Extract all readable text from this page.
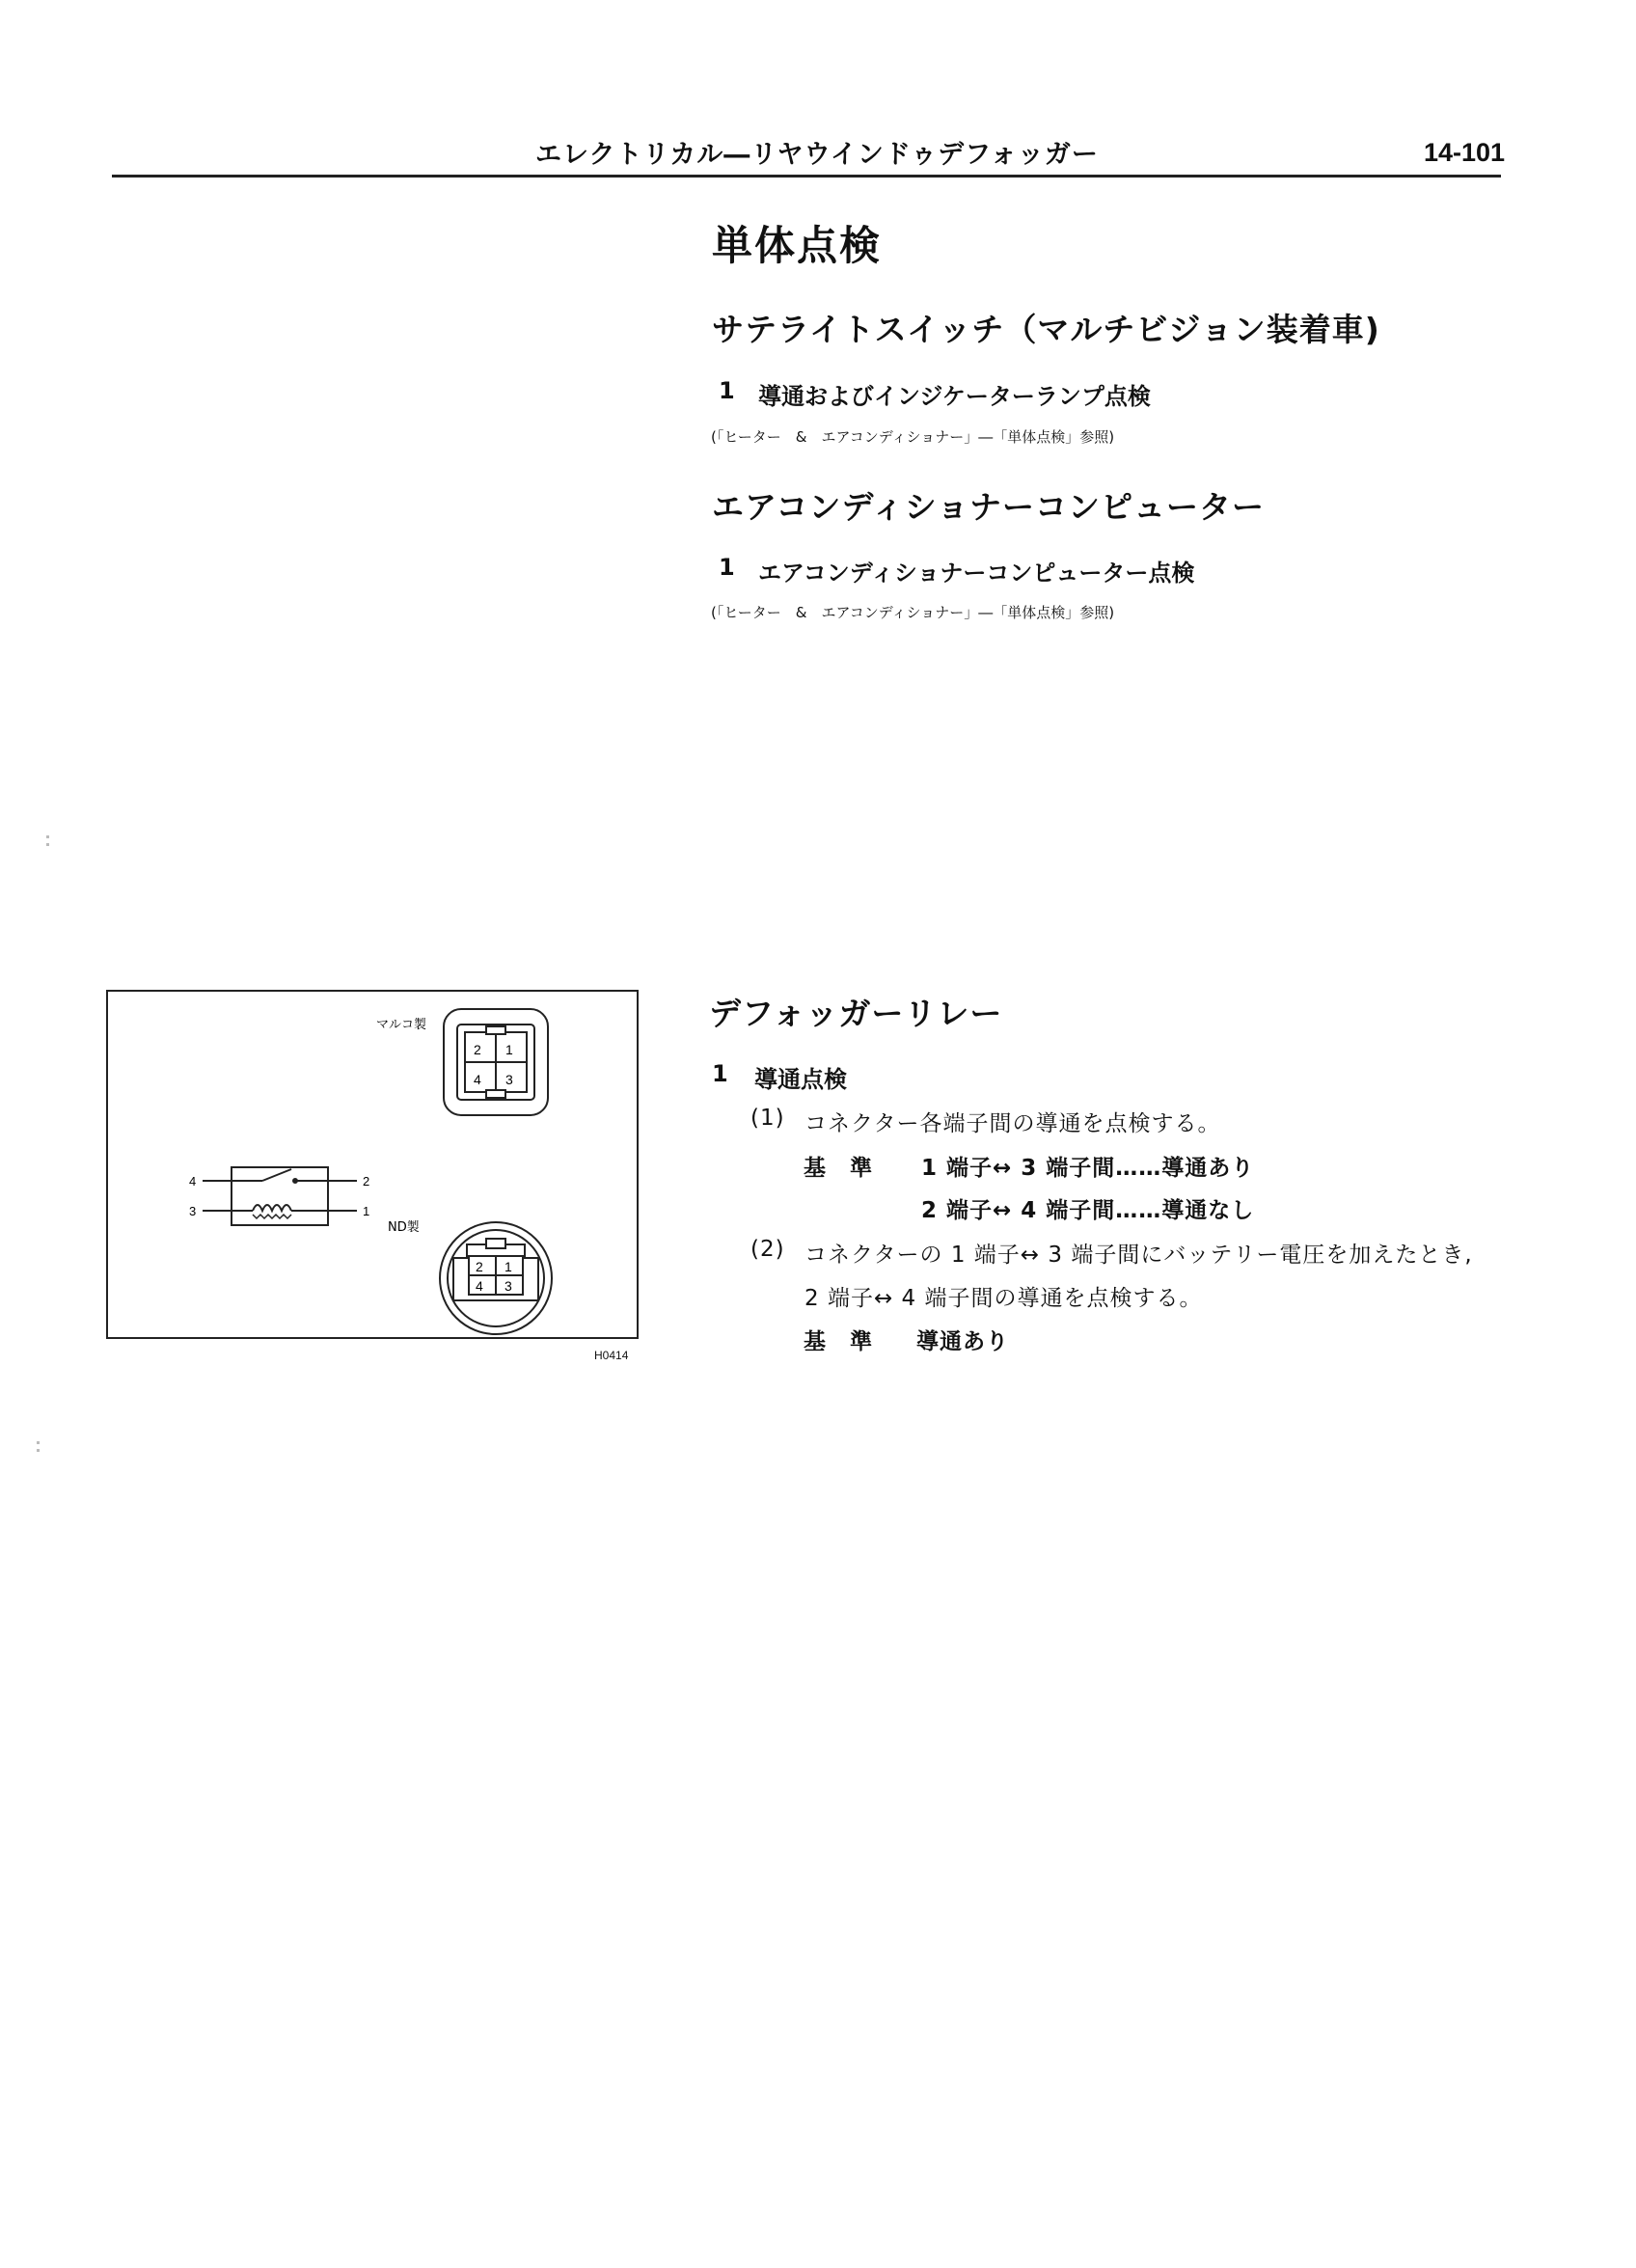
エレクトリカル―リヤウインドゥデフォッガー	14-101
単体点検
サテライトスイッチ（マルチビジョン装着車)
1 導通およびインジケーターランプ点検
(「ヒーター　&　エアコンディショナー」―「単体点検」参照)
エアコンディショナーコンピューター
1 エアコンディショナーコンピューター点検
(「ヒーター　&　エアコンディショナー」―「単体点検」参照)
マルコ製
2 1
4 3
4
3
2
1
ND製
2 1
4 3
H0414
デフォッガーリレー
1 導通点検
(1) コネクター各端子間の導通を点検する。
基　準 1 端子↔ 3 端子間……導通あり
2 端子↔ 4 端子間……導通なし
(2) コネクターの 1 端子↔ 3 端子間にバッテリー電圧を加えたとき,
2 端子↔ 4 端子間の導通を点検する。
基　準 導通あり
